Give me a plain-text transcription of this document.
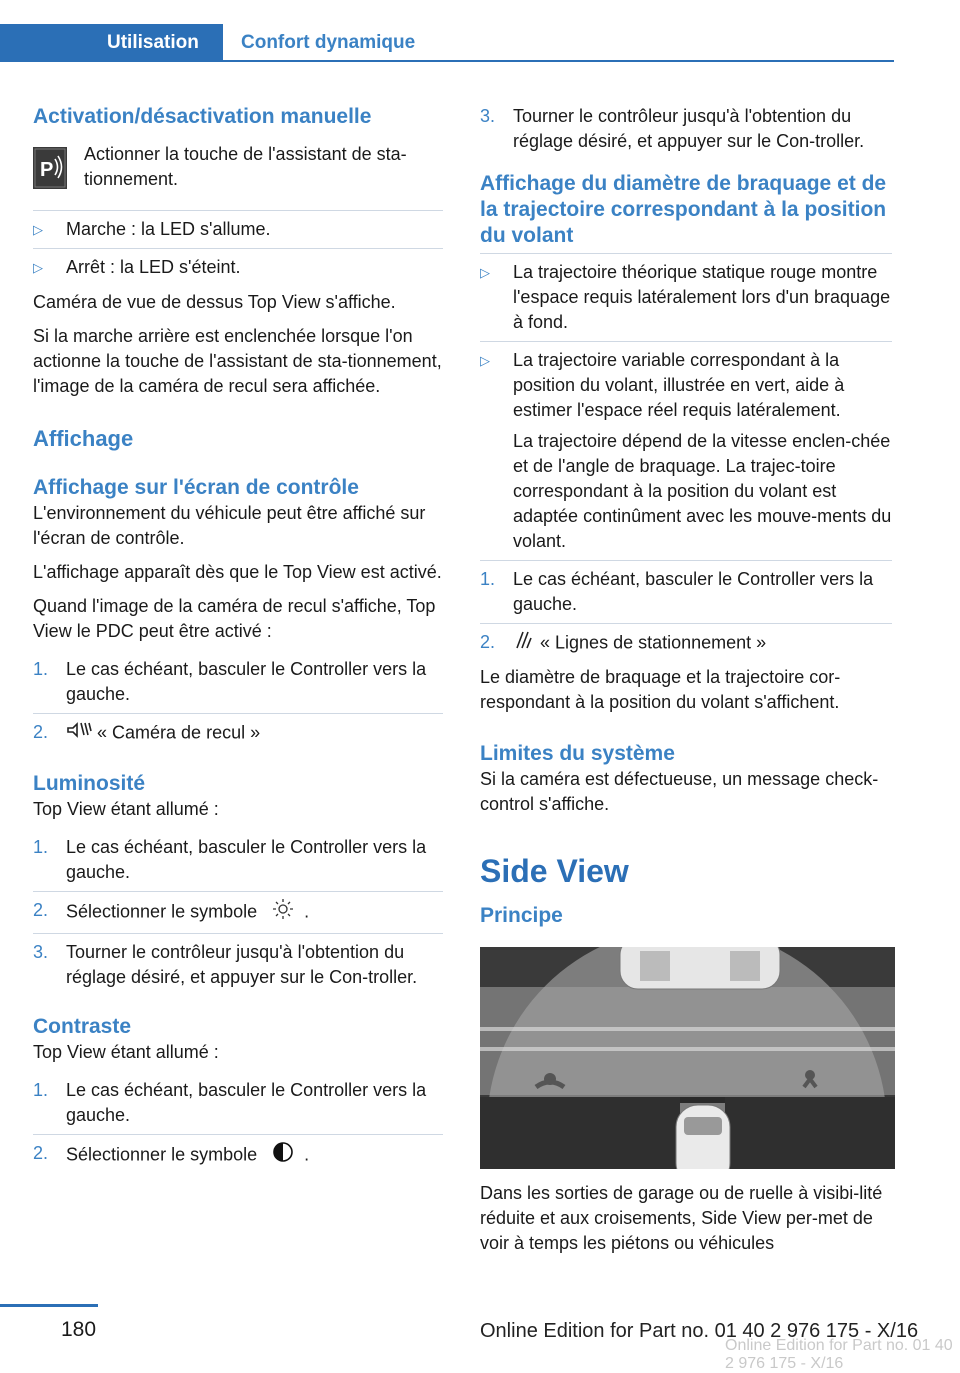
Utilisation Confort dynamique
Activation/désactivation manuelle
P

Actionner la touche de l'assistant de sta-tionnement.

▷ Marche : la LED s'allume.
▷ Arrêt : la LED s'éteint.

Caméra de vue de dessus Top View s'affiche.

Si la marche arrière est enclenchée lorsque l'on actionne la touche de l'assistant de sta-tionnement, l'image de la caméra de recul sera affichée.

Affichage
Affichage sur l'écran de contrôle

L'environnement du véhicule peut être affiché sur l'écran de contrôle.

L'affichage apparaît dès que le Top View est activé.

Quand l'image de la caméra de recul s'affiche, Top View le PDC peut être activé :

1. Le cas échéant, basculer le Controller vers la gauche.
2.	« Caméra de recul »
Luminosité

Top View étant allumé :

1. Le cas échéant, basculer le Controller vers la gauche.
2. Sélectionner le symbole	.
3. Tourner le contrôleur jusqu'à l'obtention du réglage désiré, et appuyer sur le Con-troller.
Contraste

Top View étant allumé :

1. Le cas échéant, basculer le Controller vers la gauche.
2. Sélectionner le symbole	.
3. Tourner le contrôleur jusqu'à l'obtention du réglage désiré, et appuyer sur le Con-troller.
Affichage du diamètre de braquage et de la trajectoire correspondant à la position du volant
▷ La trajectoire théorique statique rouge montre l'espace requis latéralement lors d'un braquage à fond.
▷ La trajectoire variable correspondant à la position du volant, illustrée en vert, aide à estimer l'espace réel requis latéralement.
La trajectoire dépend de la vitesse enclen-chée et de l'angle de braquage. La trajec-toire correspondant à la position du volant est adaptée continûment avec les mouve-ments du volant.
1. Le cas échéant, basculer le Controller vers la gauche.
2.	« Lignes de stationnement »

Le diamètre de braquage et la trajectoire cor-respondant à la position du volant s'affichent.

Limites du système

Si la caméra est défectueuse, un message check-control s'affiche.

Side View
Principe

Dans les sorties de garage ou de ruelle à visibi-lité réduite et aux croisements, Side View per-met de voir à temps les piétons ou véhicules

180	Online Edition for Part no. 01 40 2 976 175 - X/16
Online Edition for Part no. 01 40 2 976 175 - X/16
